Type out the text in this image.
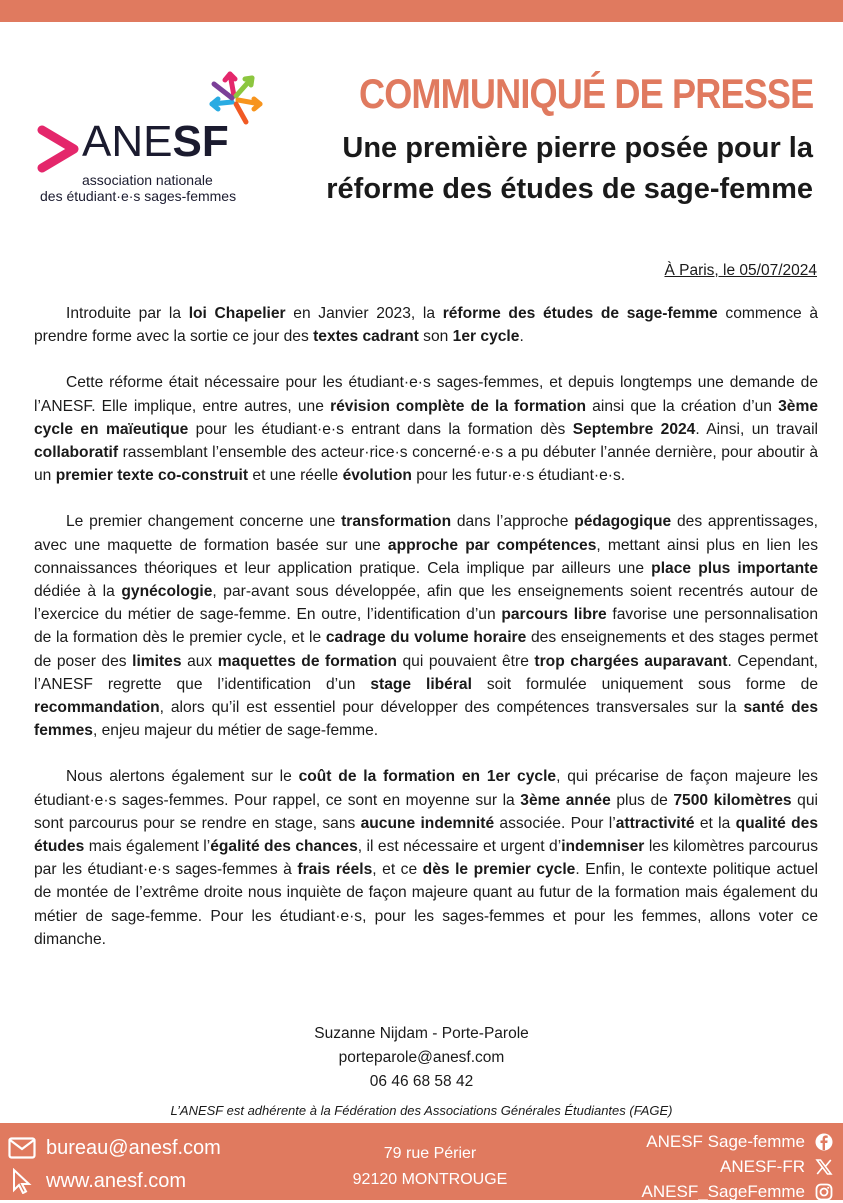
ANESF
association nationale
des étudiant·e·s sages-femmes
COMMUNIQUÉ DE PRESSE
Une première pierre posée pour la réforme des études de sage-femme
À Paris, le 05/07/2024

Introduite par la loi Chapelier en Janvier 2023, la réforme des études de sage-femme commence à prendre forme avec la sortie ce jour des textes cadrant son 1er cycle.

Cette réforme était nécessaire pour les étudiant·e·s sages-femmes, et depuis longtemps une demande de l’ANESF. Elle implique, entre autres, une révision complète de la formation ainsi que la création d’un 3ème cycle en maïeutique pour les étudiant·e·s entrant dans la formation dès Septembre 2024. Ainsi, un travail collaboratif rassemblant l’ensemble des acteur·rice·s concerné·e·s a pu débuter l’année dernière, pour aboutir à un premier texte co-construit et une réelle évolution pour les futur·e·s étudiant·e·s.

Le premier changement concerne une transformation dans l’approche pédagogique des apprentissages, avec une maquette de formation basée sur une approche par compétences, mettant ainsi plus en lien les connaissances théoriques et leur application pratique. Cela implique par ailleurs une place plus importante dédiée à la gynécologie, par-avant sous développée, afin que les enseignements soient recentrés autour de l’exercice du métier de sage-femme. En outre, l’identification d’un parcours libre favorise une personnalisation de la formation dès le premier cycle, et le cadrage du volume horaire des enseignements et des stages permet de poser des limites aux maquettes de formation qui pouvaient être trop chargées auparavant. Cependant, l’ANESF regrette que l’identification d’un stage libéral soit formulée uniquement sous forme de recommandation, alors qu’il est essentiel pour développer des compétences transversales sur la santé des femmes, enjeu majeur du métier de sage-femme.

Nous alertons également sur le coût de la formation en 1er cycle, qui précarise de façon majeure les étudiant·e·s sages-femmes. Pour rappel, ce sont en moyenne sur la 3ème année plus de 7500 kilomètres qui sont parcourus pour se rendre en stage, sans aucune indemnité associée. Pour l’attractivité et la qualité des études mais également l’égalité des chances, il est nécessaire et urgent d’indemniser les kilomètres parcourus par les étudiant·e·s sages-femmes à frais réels, et ce dès le premier cycle. Enfin, le contexte politique actuel de montée de l’extrême droite nous inquiète de façon majeure quant au futur de la formation mais également du métier de sage-femme. Pour les étudiant·e·s, pour les sages-femmes et pour les femmes, allons voter ce dimanche.

Suzanne Nijdam - Porte-Parole
porteparole@anesf.com
06 46 68 58 42
L’ANESF est adhérente à la Fédération des Associations Générales Étudiantes (FAGE)
bureau@anesf.com
www.anesf.com
79 rue Périer
92120 MONTROUGE
ANESF Sage-femme
ANESF-FR
ANESF_SageFemme
